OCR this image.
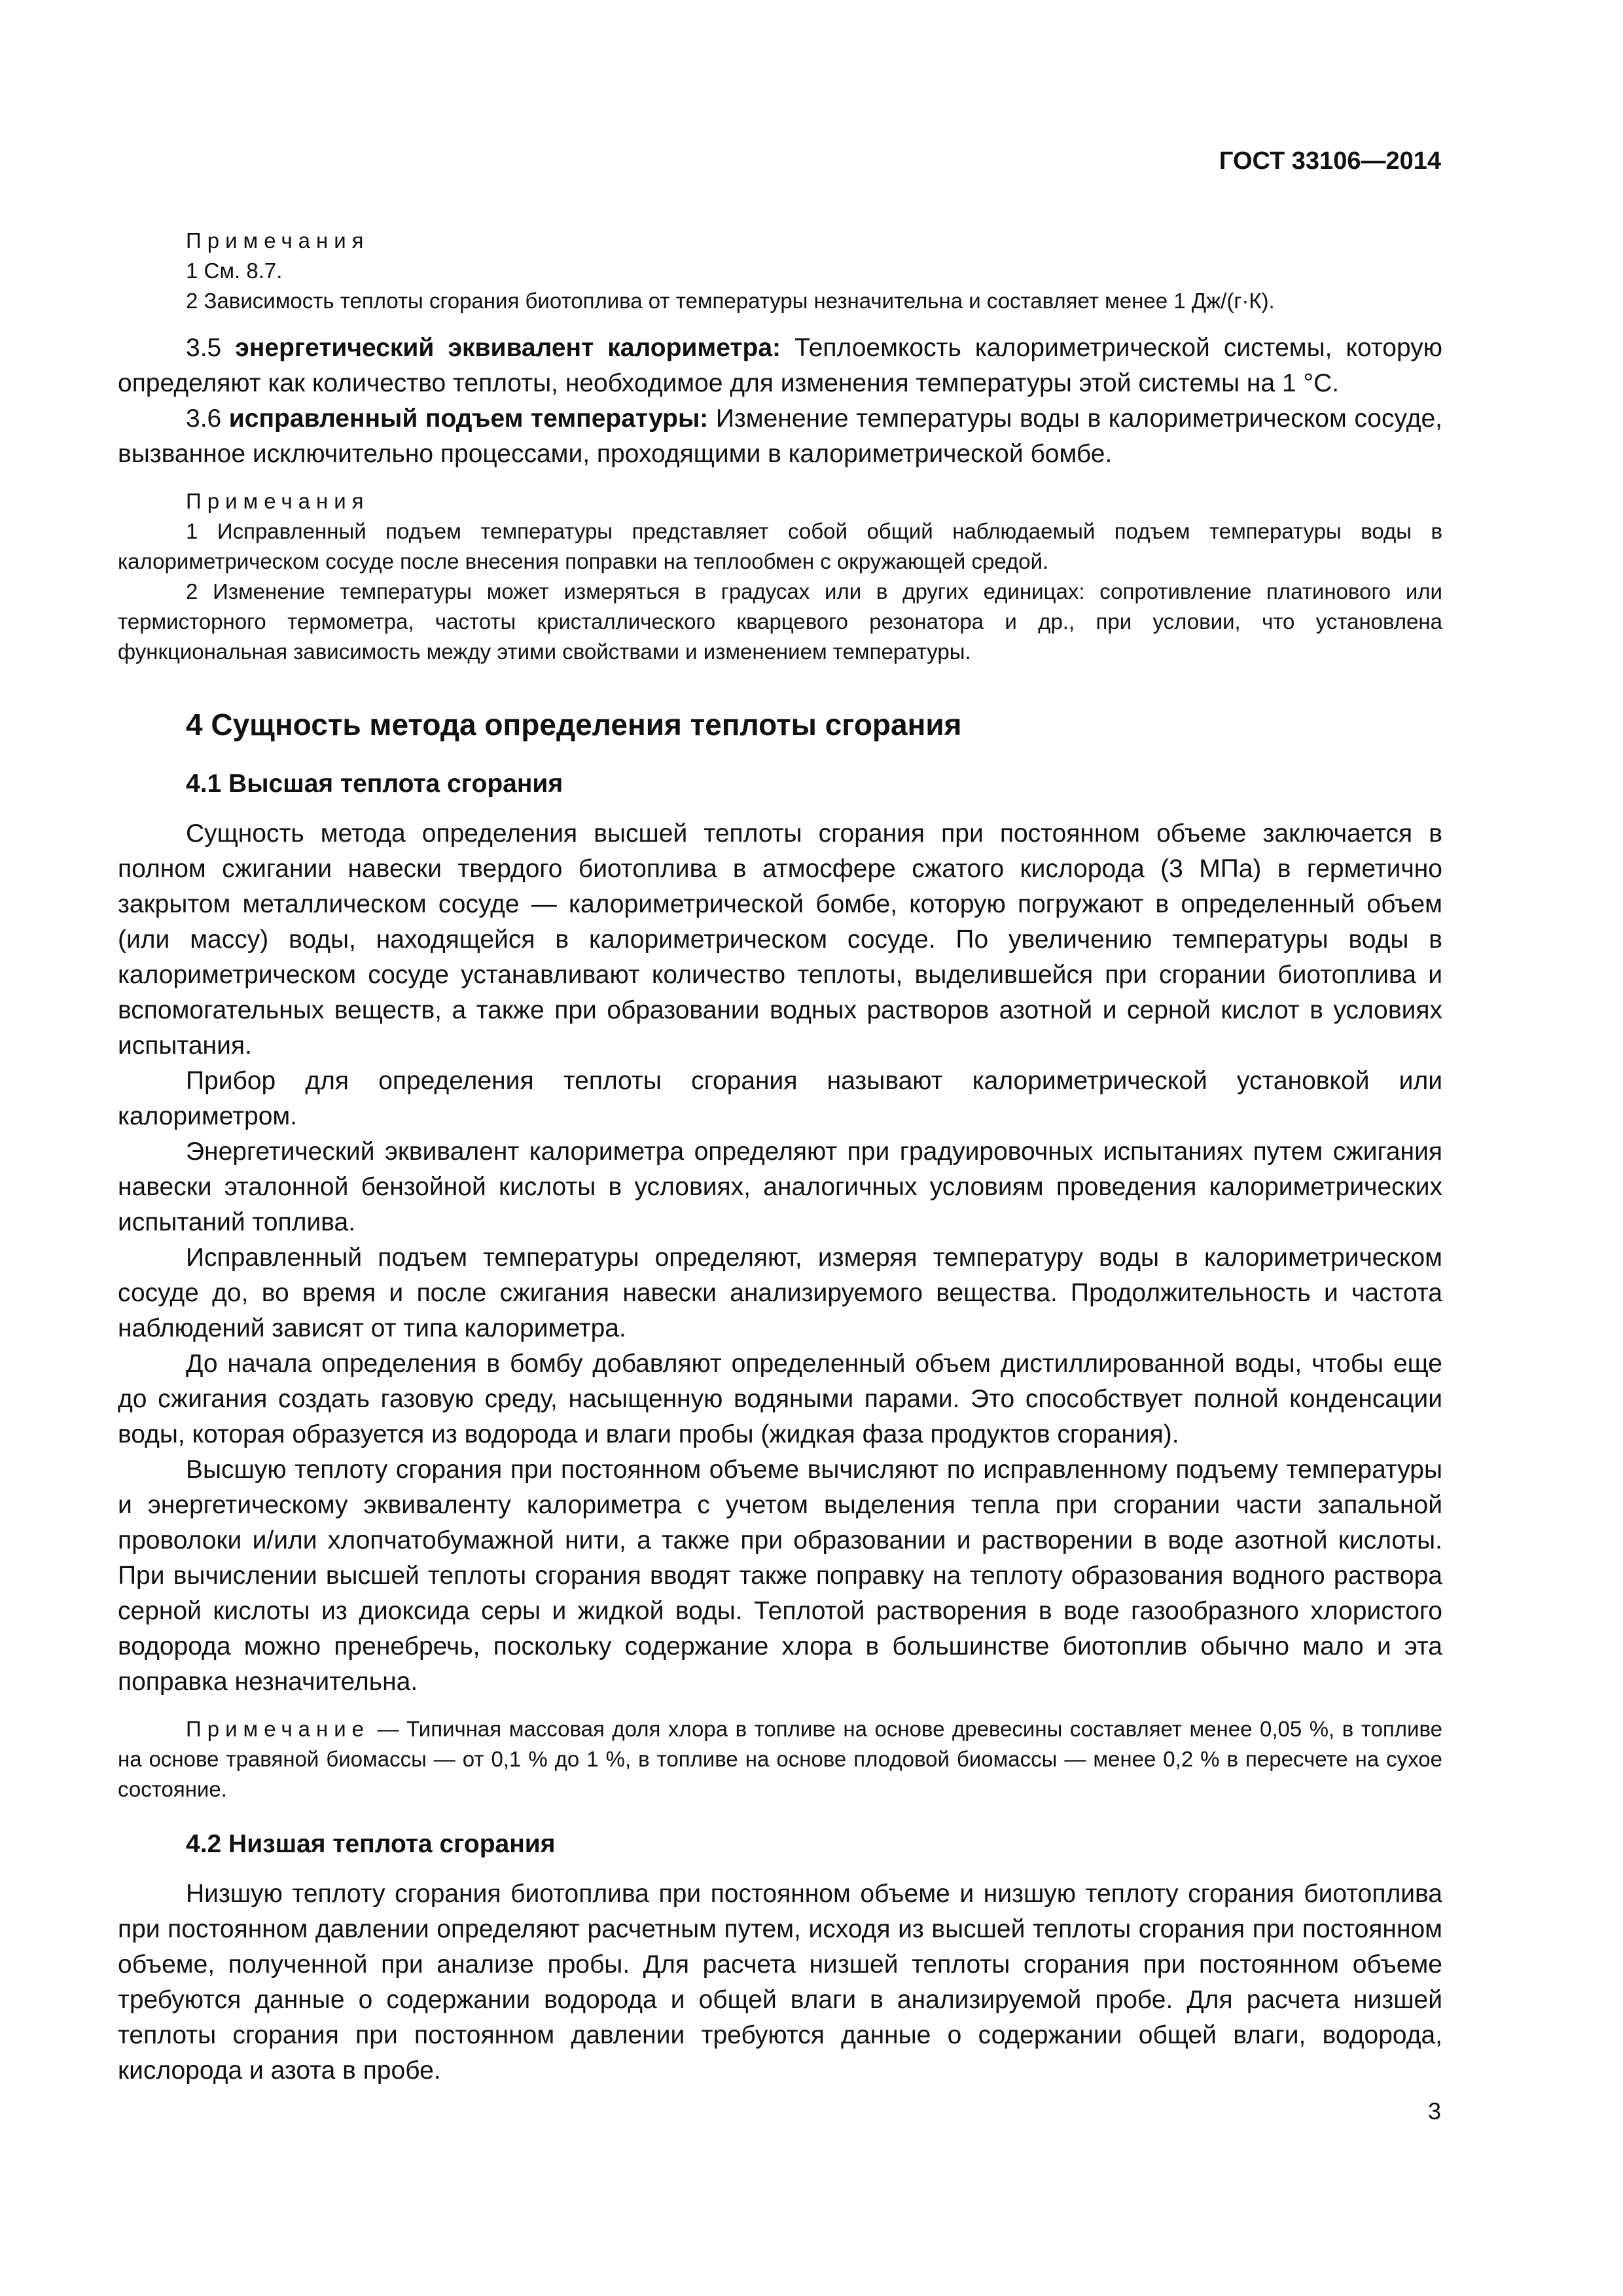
ГОСТ 33106—2014
Примечания

1 См. 8.7.

2 Зависимость теплоты сгорания биотоплива от температуры незначительна и составляет менее 1 Дж/(г·К).

3.5 энергетический эквивалент калориметра: Теплоемкость калориметрической системы, которую определяют как количество теплоты, необходимое для изменения температуры этой системы на 1 °С.

3.6 исправленный подъем температуры: Изменение температуры воды в калориметрическом сосуде, вызванное исключительно процессами, проходящими в калориметрической бомбе.

Примечания

1 Исправленный подъем температуры представляет собой общий наблюдаемый подъем температуры воды в калориметрическом сосуде после внесения поправки на теплообмен с окружающей средой.

2 Изменение температуры может измеряться в градусах или в других единицах: сопротивление платинового или термисторного термометра, частоты кристаллического кварцевого резонатора и др., при условии, что установлена функциональная зависимость между этими свойствами и изменением температуры.

4 Сущность метода определения теплоты сгорания
4.1 Высшая теплота сгорания

Сущность метода определения высшей теплоты сгорания при постоянном объеме заключается в полном сжигании навески твердого биотоплива в атмосфере сжатого кислорода (3 МПа) в герметично закрытом металлическом сосуде — калориметрической бомбе, которую погружают в определенный объем (или массу) воды, находящейся в калориметрическом сосуде. По увеличению температуры воды в калориметрическом сосуде устанавливают количество теплоты, выделившейся при сгорании биотоплива и вспомогательных веществ, а также при образовании водных растворов азотной и серной кислот в условиях испытания.

Прибор для определения теплоты сгорания называют калориметрической установкой или калориметром.

Энергетический эквивалент калориметра определяют при градуировочных испытаниях путем сжигания навески эталонной бензойной кислоты в условиях, аналогичных условиям проведения калориметрических испытаний топлива.

Исправленный подъем температуры определяют, измеряя температуру воды в калориметрическом сосуде до, во время и после сжигания навески анализируемого вещества. Продолжительность и частота наблюдений зависят от типа калориметра.

До начала определения в бомбу добавляют определенный объем дистиллированной воды, чтобы еще до сжигания создать газовую среду, насыщенную водяными парами. Это способствует полной конденсации воды, которая образуется из водорода и влаги пробы (жидкая фаза продуктов сгорания).

Высшую теплоту сгорания при постоянном объеме вычисляют по исправленному подъему температуры и энергетическому эквиваленту калориметра с учетом выделения тепла при сгорании части запальной проволоки и/или хлопчатобумажной нити, а также при образовании и растворении в воде азотной кислоты. При вычислении высшей теплоты сгорания вводят также поправку на теплоту образования водного раствора серной кислоты из диоксида серы и жидкой воды. Теплотой растворения в воде газообразного хлористого водорода можно пренебречь, поскольку содержание хлора в большинстве биотоплив обычно мало и эта поправка незначительна.

Примечание — Типичная массовая доля хлора в топливе на основе древесины составляет менее 0,05 %, в топливе на основе травяной биомассы — от 0,1 % до 1 %, в топливе на основе плодовой биомассы — менее 0,2 % в пересчете на сухое состояние.

4.2 Низшая теплота сгорания

Низшую теплоту сгорания биотоплива при постоянном объеме и низшую теплоту сгорания биотоплива при постоянном давлении определяют расчетным путем, исходя из высшей теплоты сгорания при постоянном объеме, полученной при анализе пробы. Для расчета низшей теплоты сгорания при постоянном объеме требуются данные о содержании водорода и общей влаги в анализируемой пробе. Для расчета низшей теплоты сгорания при постоянном давлении требуются данные о содержании общей влаги, водорода, кислорода и азота в пробе.

3
